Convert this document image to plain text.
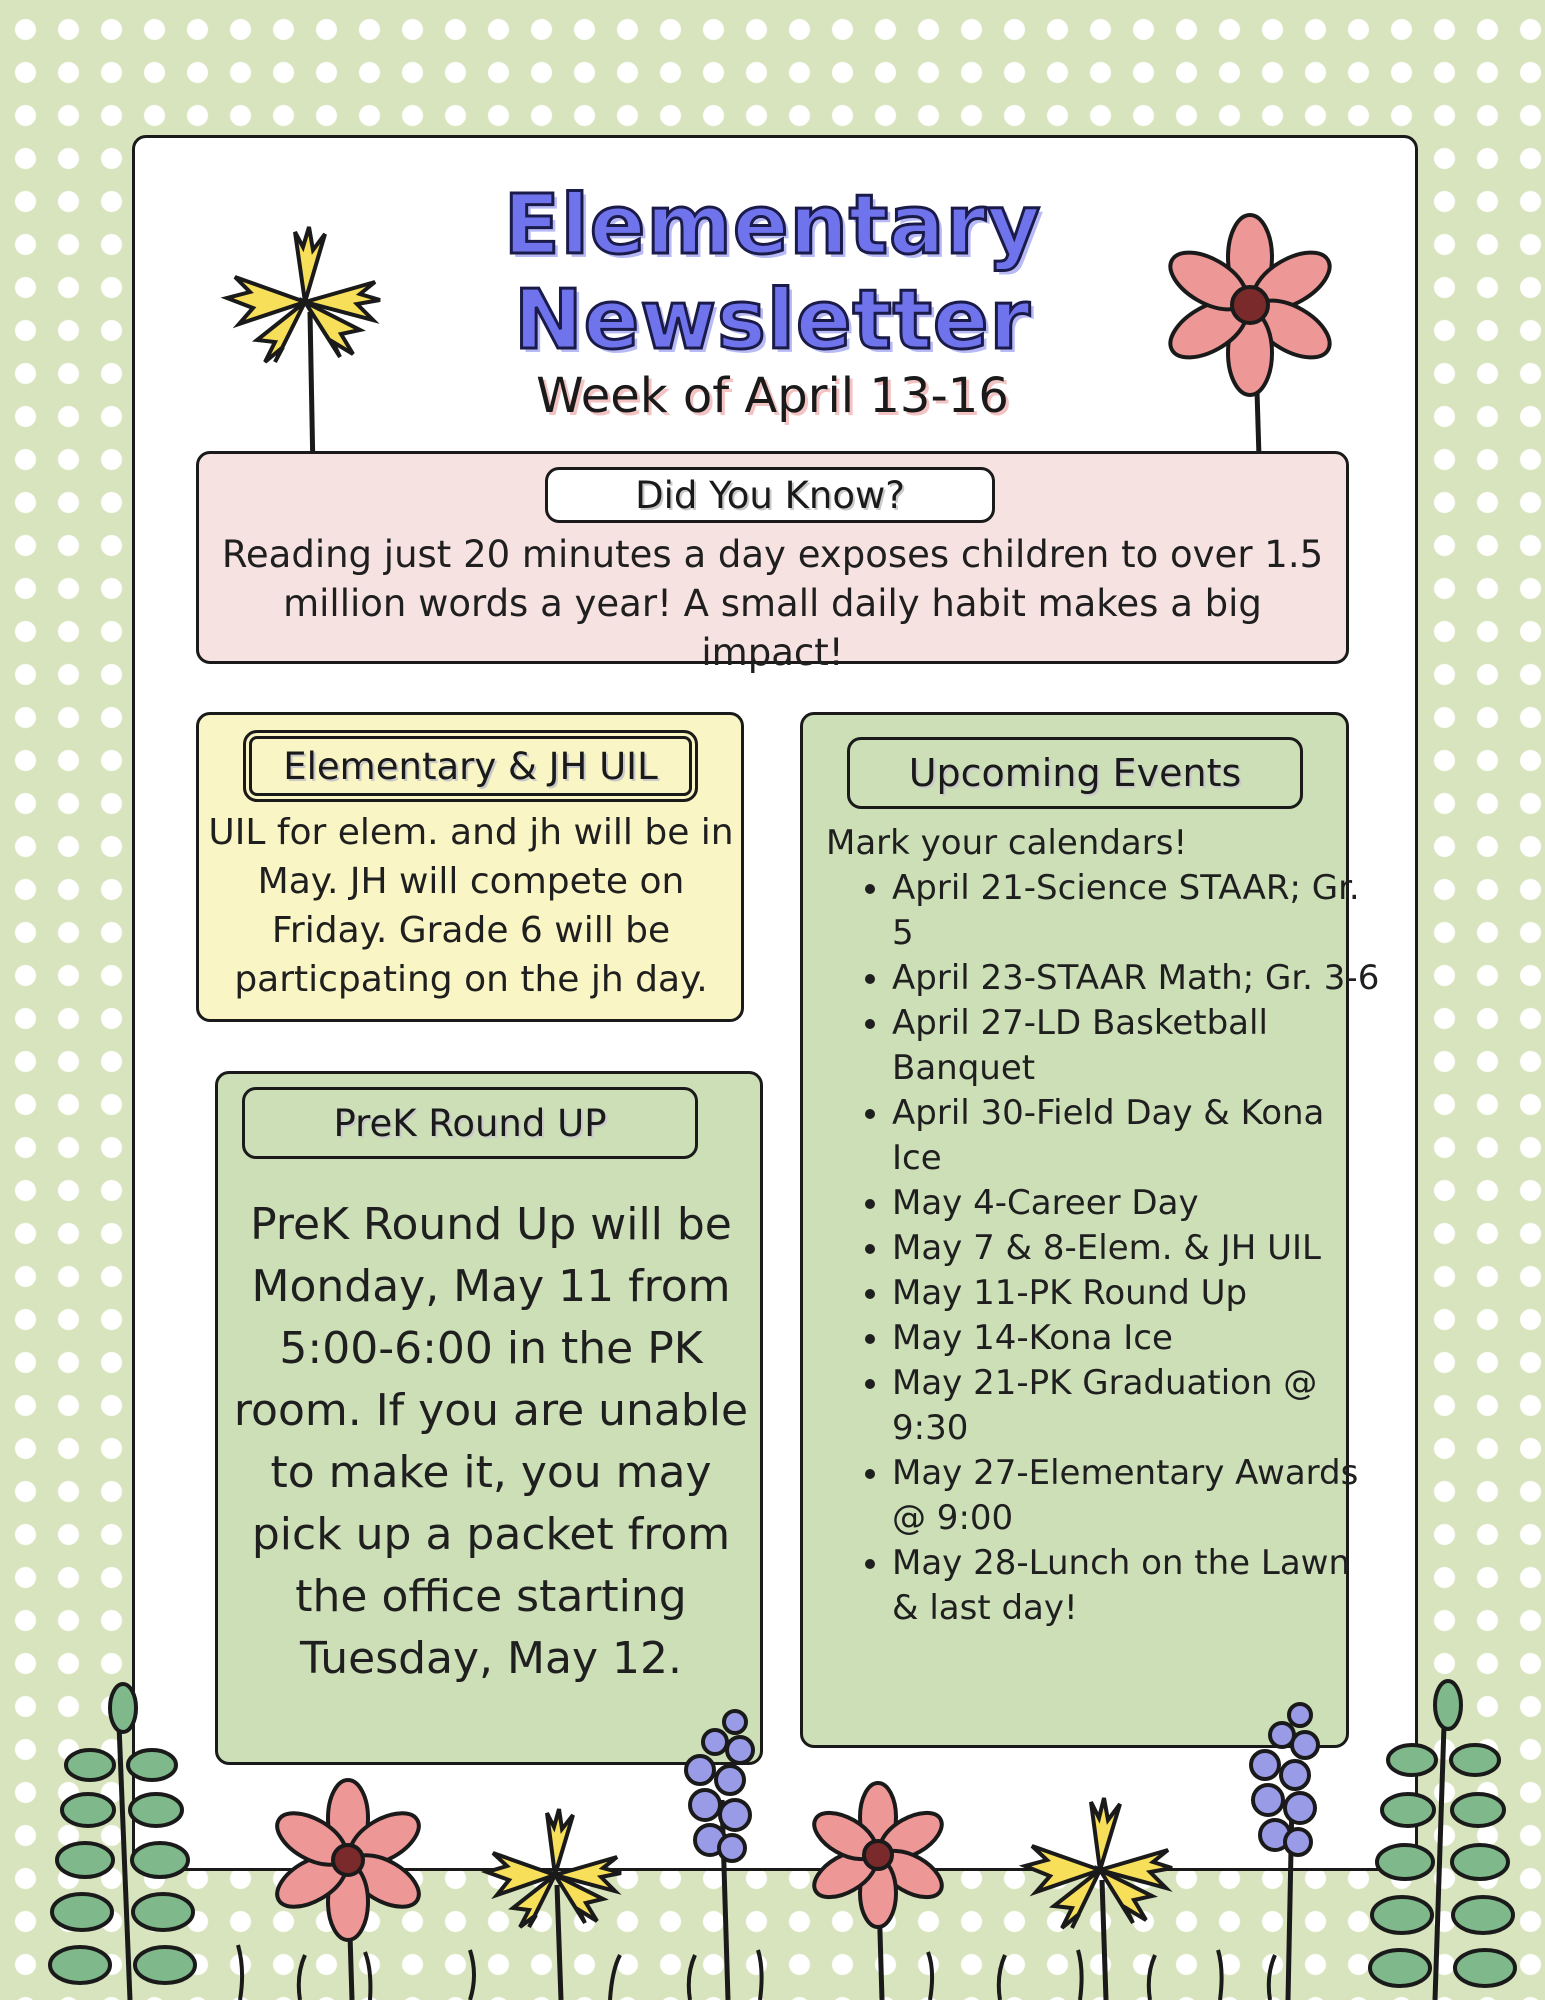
Elementary
Newsletter
Week of April 13-16
Did You Know?
Reading just 20 minutes a day exposes children to over 1.5 million words a year! A small daily habit makes a big impact!
Elementary & JH UIL
UIL for elem. and jh will be in May. JH will compete on Friday. Grade 6 will be particpating on the jh day.
PreK Round UP
PreK Round Up will be Monday, May 11 from 5:00-6:00 in the PK room. If you are unable to make it, you may pick up a packet from the office starting Tuesday, May 12.
Upcoming Events
Mark your calendars!
• April 21-Science STAAR; Gr. 5
• April 23-STAAR Math; Gr. 3-6
• April 27-LD Basketball Banquet
• April 30-Field Day & Kona Ice
• May 4-Career Day
• May 7 & 8-Elem. & JH UIL
• May 11-PK Round Up
• May 14-Kona Ice
• May 21-PK Graduation @ 9:30
• May 27-Elementary Awards @ 9:00
• May 28-Lunch on the Lawn & last day!
